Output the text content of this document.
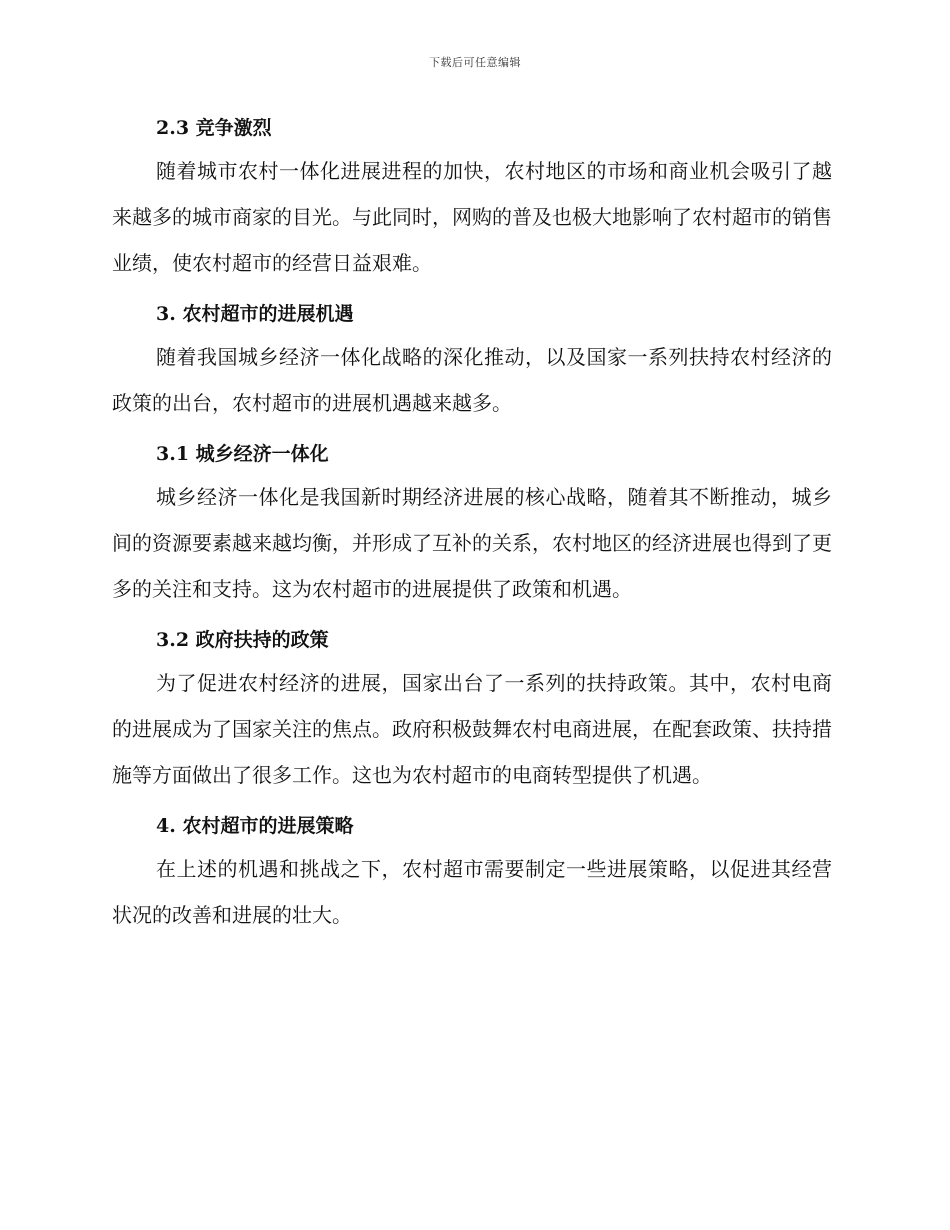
下载后可任意编辑
2.3 竞争激烈

随着城市农村一体化进展进程的加快，农村地区的市场和商业机会吸引了越来越多的城市商家的目光。与此同时，网购的普及也极大地影响了农村超市的销售业绩，使农村超市的经营日益艰难。

3. 农村超市的进展机遇

随着我国城乡经济一体化战略的深化推动，以及国家一系列扶持农村经济的政策的出台，农村超市的进展机遇越来越多。

3.1 城乡经济一体化

城乡经济一体化是我国新时期经济进展的核心战略，随着其不断推动，城乡间的资源要素越来越均衡，并形成了互补的关系，农村地区的经济进展也得到了更多的关注和支持。这为农村超市的进展提供了政策和机遇。

3.2 政府扶持的政策

为了促进农村经济的进展，国家出台了一系列的扶持政策。其中，农村电商的进展成为了国家关注的焦点。政府积极鼓舞农村电商进展，在配套政策、扶持措施等方面做出了很多工作。这也为农村超市的电商转型提供了机遇。

4. 农村超市的进展策略

在上述的机遇和挑战之下，农村超市需要制定一些进展策略，以促进其经营状况的改善和进展的壮大。
